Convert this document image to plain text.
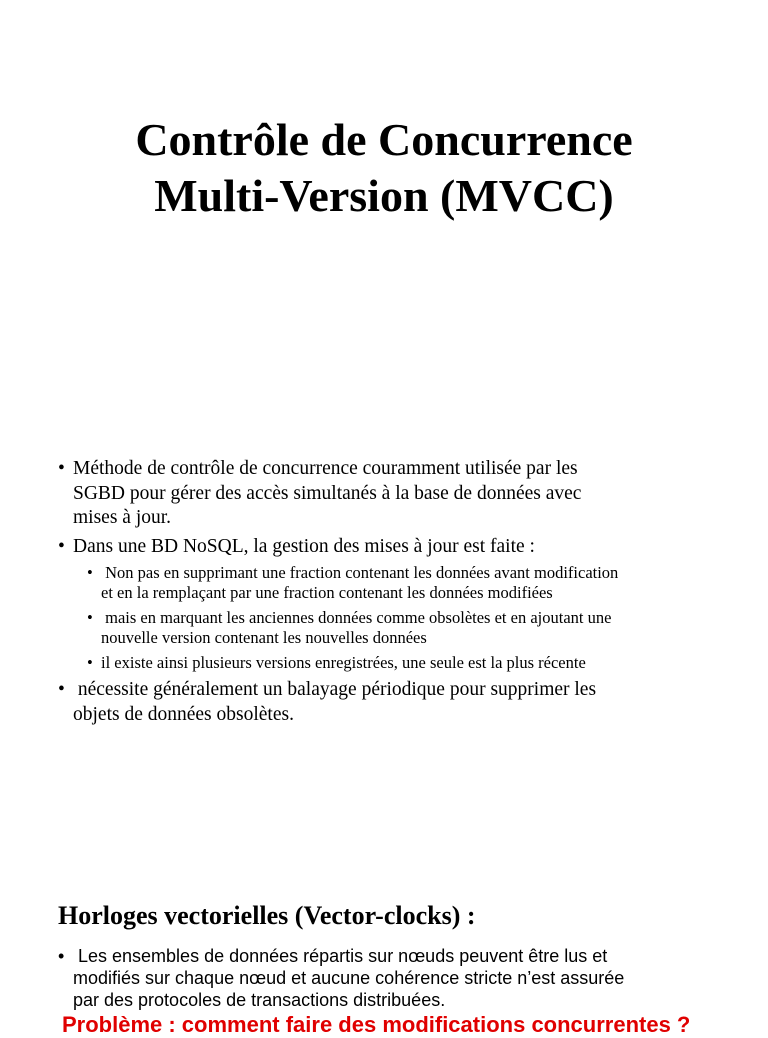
Contrôle de Concurrence
Multi-Version (MVCC)
• Méthode de contrôle de concurrence couramment utilisée par les
SGBD pour gérer des accès simultanés à la base de données avec
mises à jour.
• Dans une BD NoSQL, la gestion des mises à jour est faite :
• Non pas en supprimant une fraction contenant les données avant modification
et en la remplaçant par une fraction contenant les données modifiées
• mais en marquant les anciennes données comme obsolètes et en ajoutant une
nouvelle version contenant les nouvelles données
• il existe ainsi plusieurs versions enregistrées, une seule est la plus récente
• nécessite généralement un balayage périodique pour supprimer les
objets de données obsolètes.
Horloges vectorielles (Vector-clocks) :
• Les ensembles de données répartis sur nœuds peuvent être lus et
modifiés sur chaque nœud et aucune cohérence stricte n’est assurée
par des protocoles de transactions distribuées.
Problème : comment faire des modifications concurrentes ?
